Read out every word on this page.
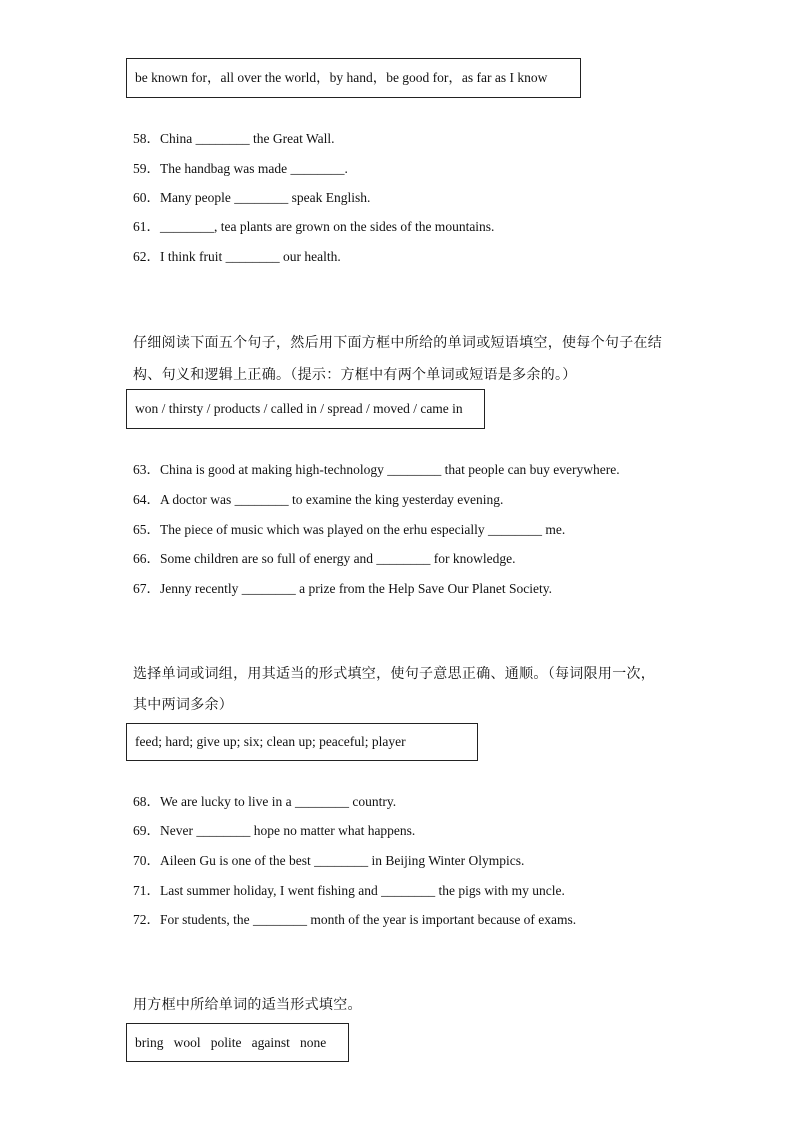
be known for，all over the world，by hand，be good for，as far as I know
58．China ________ the Great Wall.
59．The handbag was made ________.
60．Many people ________ speak English.
61．________, tea plants are grown on the sides of the mountains.
62．I think fruit ________ our health.
仔细阅读下面五个句子，然后用下面方框中所给的单词或短语填空，使每个句子在结
构、句义和逻辑上正确。（提示：方框中有两个单词或短语是多余的。）
won / thirsty / products / called in / spread / moved / came in
63．China is good at making high-technology ________ that people can buy everywhere.
64．A doctor was ________ to examine the king yesterday evening.
65．The piece of music which was played on the erhu especially ________ me.
66．Some children are so full of energy and ________ for knowledge.
67．Jenny recently ________ a prize from the Help Save Our Planet Society.
选择单词或词组，用其适当的形式填空，使句子意思正确、通顺。（每词限用一次，
其中两词多余）
feed; hard; give up; six; clean up; peaceful; player
68．We are lucky to live in a ________ country.
69．Never ________ hope no matter what happens.
70．Aileen Gu is one of the best ________ in Beijing Winter Olympics.
71．Last summer holiday, I went fishing and ________ the pigs with my uncle.
72．For students, the ________ month of the year is important because of exams.
用方框中所给单词的适当形式填空。
bring   wool   polite   against   none
